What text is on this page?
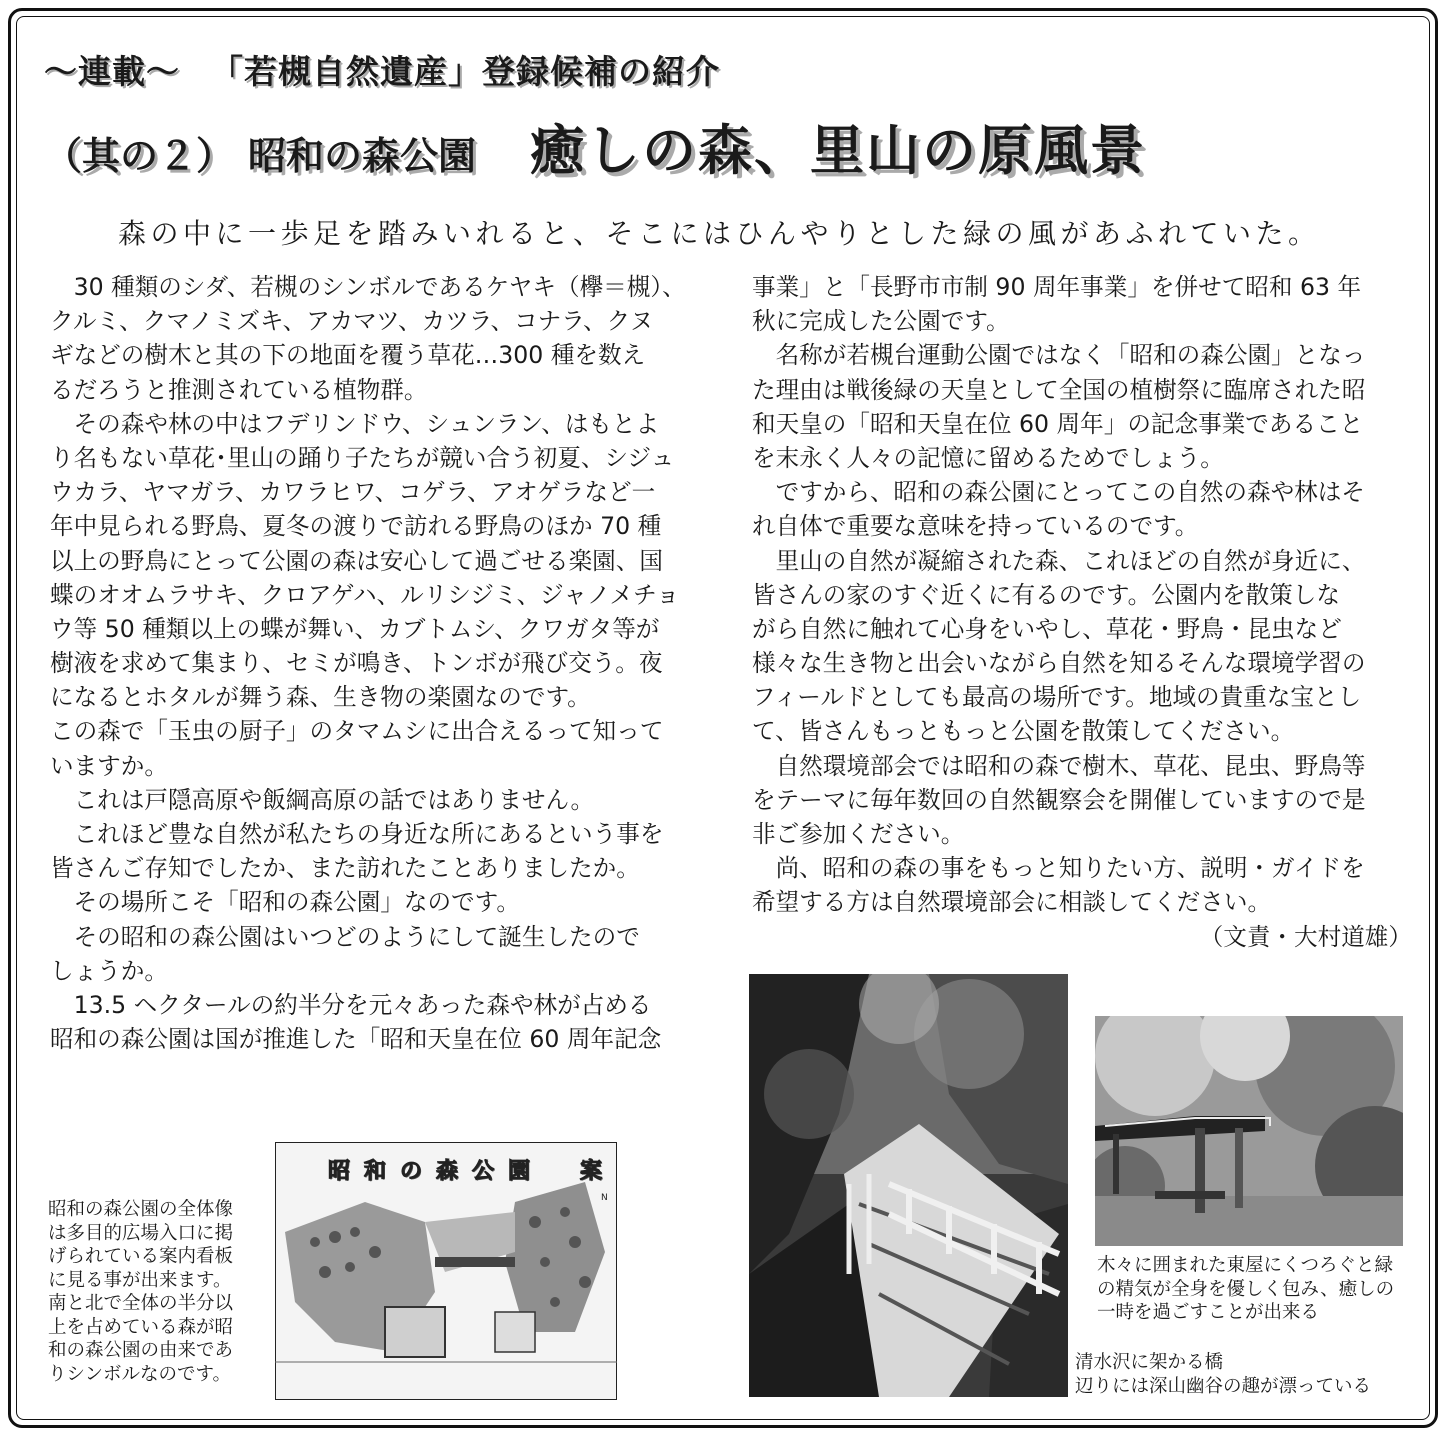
〜連載〜 「若槻自然遺産」登録候補の紹介
（其の２） 昭和の森公園 癒しの森、里山の原風景
森の中に一歩足を踏みいれると、そこにはひんやりとした緑の風があふれていた。
　30 種類のシダ、若槻のシンボルであるケヤキ（欅＝槻）、
クルミ、クマノミズキ、アカマツ、カツラ、コナラ、クヌ
ギなどの樹木と其の下の地面を覆う草花…300 種を数え
るだろうと推測されている植物群。
　その森や林の中はフデリンドウ、シュンラン、はもとよ
り名もない草花･里山の踊り子たちが競い合う初夏、シジュ
ウカラ、ヤマガラ、カワラヒワ、コゲラ、アオゲラなど一
年中見られる野鳥、夏冬の渡りで訪れる野鳥のほか 70 種
以上の野鳥にとって公園の森は安心して過ごせる楽園、国
蝶のオオムラサキ、クロアゲハ、ルリシジミ、ジャノメチョ
ウ等 50 種類以上の蝶が舞い、カブトムシ、クワガタ等が
樹液を求めて集まり、セミが鳴き、トンボが飛び交う。夜
になるとホタルが舞う森、生き物の楽園なのです。
この森で「玉虫の厨子」のタマムシに出合えるって知って
いますか。
　これは戸隠高原や飯綱高原の話ではありません。
　これほど豊な自然が私たちの身近な所にあるという事を
皆さんご存知でしたか、また訪れたことありましたか。
　その場所こそ「昭和の森公園」なのです。
　その昭和の森公園はいつどのようにして誕生したので
しょうか。
　13.5 ヘクタールの約半分を元々あった森や林が占める
昭和の森公園は国が推進した「昭和天皇在位 60 周年記念
事業」と「長野市市制 90 周年事業」を併せて昭和 63 年
秋に完成した公園です。
　名称が若槻台運動公園ではなく「昭和の森公園」となっ
た理由は戦後緑の天皇として全国の植樹祭に臨席された昭
和天皇の「昭和天皇在位 60 周年」の記念事業であること
を末永く人々の記憶に留めるためでしょう。
　ですから、昭和の森公園にとってこの自然の森や林はそ
れ自体で重要な意味を持っているのです。
　里山の自然が凝縮された森、これほどの自然が身近に、
皆さんの家のすぐ近くに有るのです。公園内を散策しな
がら自然に触れて心身をいやし、草花・野鳥・昆虫など
様々な生き物と出会いながら自然を知るそんな環境学習の
フィールドとしても最高の場所です。地域の貴重な宝とし
て、皆さんもっともっと公園を散策してください。
　自然環境部会では昭和の森で樹木、草花、昆虫、野鳥等
をテーマに毎年数回の自然観察会を開催していますので是
非ご参加ください。
　尚、昭和の森の事をもっと知りたい方、説明・ガイドを
希望する方は自然環境部会に相談してください。
（文責・大村道雄）
N
昭和の森公園　案
昭和の森公園の全体像
は多目的広場入口に掲
げられている案内看板
に見る事が出来ます。
南と北で全体の半分以
上を占めている森が昭
和の森公園の由来であ
りシンボルなのです。
木々に囲まれた東屋にくつろぐと緑
の精気が全身を優しく包み、癒しの
一時を過ごすことが出来る
清水沢に架かる橋
辺りには深山幽谷の趣が漂っている
